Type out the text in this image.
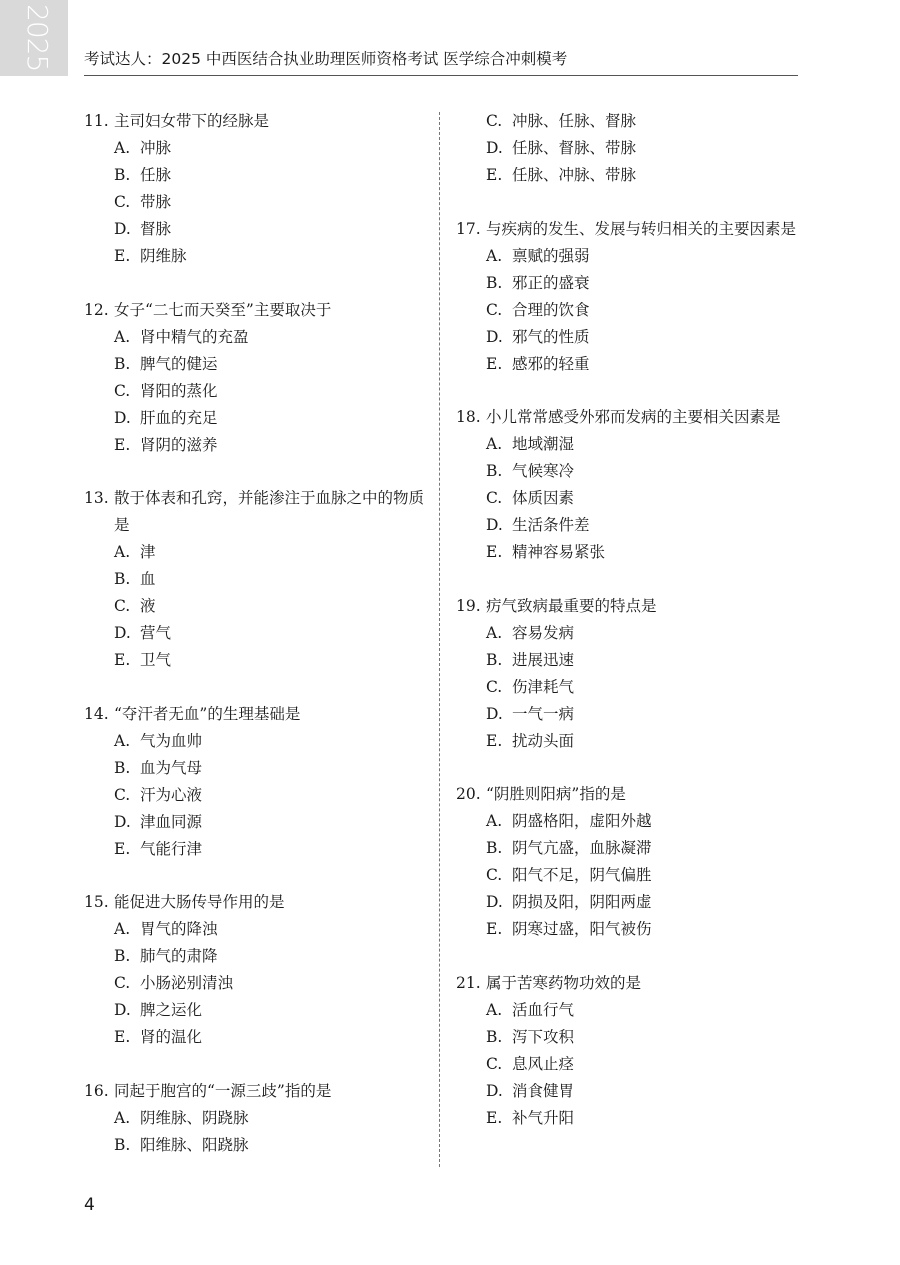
2025 考试达人：2025 中西医结合执业助理医师资格考试 医学综合冲刺模考
11. 主司妇女带下的经脉是
A. 冲脉
B. 任脉
C. 带脉
D. 督脉
E. 阴维脉
12. 女子“二七而天癸至”主要取决于
A. 肾中精气的充盈
B. 脾气的健运
C. 肾阳的蒸化
D. 肝血的充足
E. 肾阴的滋养
13. 散于体表和孔窍，并能渗注于血脉之中的物质是
A. 津
B. 血
C. 液
D. 营气
E. 卫气
14. “夺汗者无血”的生理基础是
A. 气为血帅
B. 血为气母
C. 汗为心液
D. 津血同源
E. 气能行津
15. 能促进大肠传导作用的是
A. 胃气的降浊
B. 肺气的肃降
C. 小肠泌别清浊
D. 脾之运化
E. 肾的温化
16. 同起于胞宫的“一源三歧”指的是
A. 阴维脉、阴跷脉
B. 阳维脉、阳跷脉
C. 冲脉、任脉、督脉
D. 任脉、督脉、带脉
E. 任脉、冲脉、带脉
17. 与疾病的发生、发展与转归相关的主要因素是
A. 禀赋的强弱
B. 邪正的盛衰
C. 合理的饮食
D. 邪气的性质
E. 感邪的轻重
18. 小儿常常感受外邪而发病的主要相关因素是
A. 地域潮湿
B. 气候寒冷
C. 体质因素
D. 生活条件差
E. 精神容易紧张
19. 疠气致病最重要的特点是
A. 容易发病
B. 进展迅速
C. 伤津耗气
D. 一气一病
E. 扰动头面
20. “阴胜则阳病”指的是
A. 阴盛格阳，虚阳外越
B. 阴气亢盛，血脉凝滞
C. 阳气不足，阴气偏胜
D. 阴损及阳，阴阳两虚
E. 阴寒过盛，阳气被伤
21. 属于苦寒药物功效的是
A. 活血行气
B. 泻下攻积
C. 息风止痉
D. 消食健胃
E. 补气升阳
4
